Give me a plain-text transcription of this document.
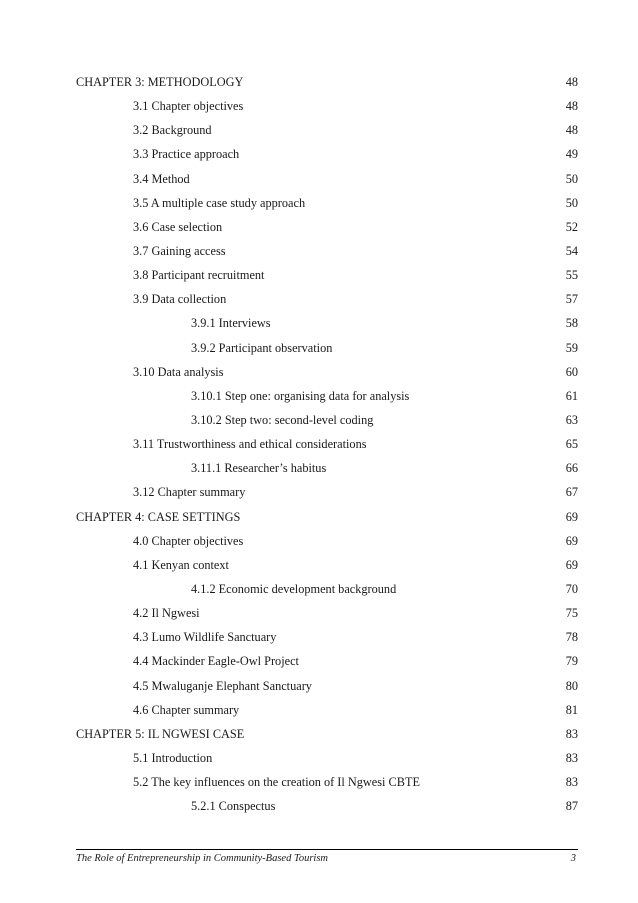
CHAPTER 3: METHODOLOGY	48
3.1 Chapter objectives	48
3.2 Background	48
3.3 Practice approach	49
3.4 Method	50
3.5 A multiple case study approach	50
3.6 Case selection	52
3.7 Gaining access	54
3.8 Participant recruitment	55
3.9 Data collection	57
3.9.1 Interviews	58
3.9.2 Participant observation	59
3.10 Data analysis	60
3.10.1 Step one: organising data for analysis	61
3.10.2 Step two: second-level coding	63
3.11 Trustworthiness and ethical considerations	65
3.11.1 Researcher’s habitus	66
3.12 Chapter summary	67
CHAPTER 4: CASE SETTINGS	69
4.0 Chapter objectives	69
4.1 Kenyan context	69
4.1.2 Economic development background	70
4.2 Il Ngwesi	75
4.3 Lumo Wildlife Sanctuary	78
4.4 Mackinder Eagle-Owl Project	79
4.5 Mwaluganje Elephant Sanctuary	80
4.6 Chapter summary	81
CHAPTER 5: IL NGWESI CASE	83
5.1 Introduction	83
5.2 The key influences on the creation of Il Ngwesi CBTE	83
5.2.1 Conspectus	87
The Role of Entrepreneurship in Community-Based Tourism	3
